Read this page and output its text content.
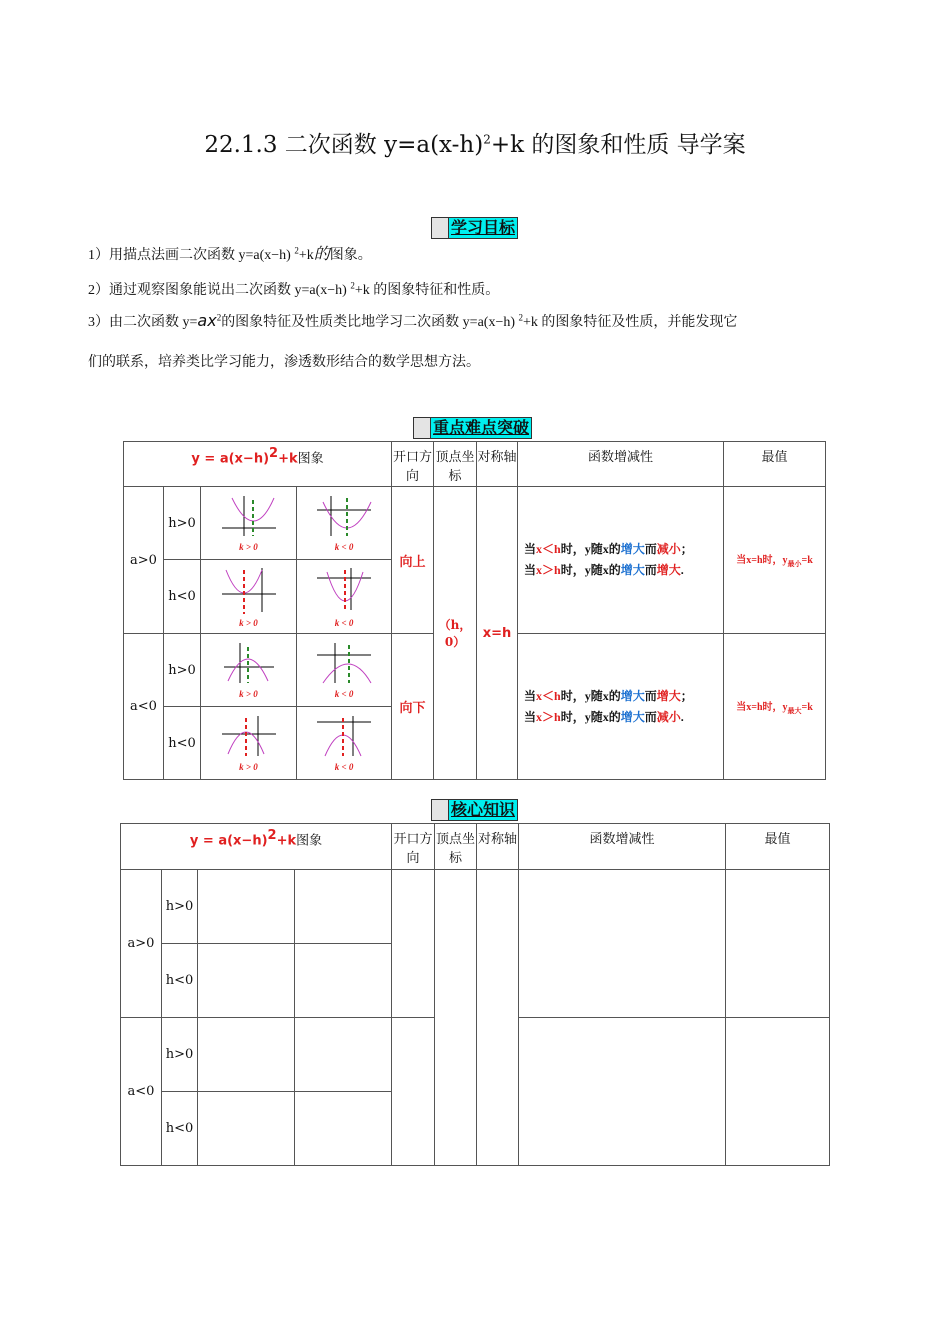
22.1.3 二次函数 $y=a(x-h)^2+k$ 的图象和性质 导学案
学习目标
1）用描点法画二次函数 y=a(x−h) $^2$+k的图象。
2）通过观察图象能说出二次函数 y=a(x−h) $^2$+k 的图象特征和性质。
3）由二次函数 $y=ax^2$的图象特征及性质类比地学习二次函数 y=a(x−h) $^2$+k 的图象特征及性质，并能发现它
们的联系，培养类比学习能力，渗透数形结合的数学思想方法。
重点难点突破
$y = a(x-h)^2+k$图象				开口方向	顶点坐标	对称轴	函数增减性	最值
a>0	h>0	k > 0	k < 0	向上	（h，0）	x=h	当x＜h时，y随x的增大而减小；
当x＞h时，y随x的增大而增大.	当x=h时，$y_{最小}=k$
	h<0	k > 0	k < 0					

a<0	h>0	k > 0	k < 0	向下			当x＜h时，y随x的增大而增大；
当x＞h时，y随x的增大而减小.	当x=h时，$y_{最大}=k$
	h<0	k > 0	k < 0					
核心知识
$y = a(x-h)^2+k$图象				开口方向	顶点坐标	对称轴	函数增减性	最值
a>0	h>0							
	h<0							
a<0	h>0							
	h<0							
